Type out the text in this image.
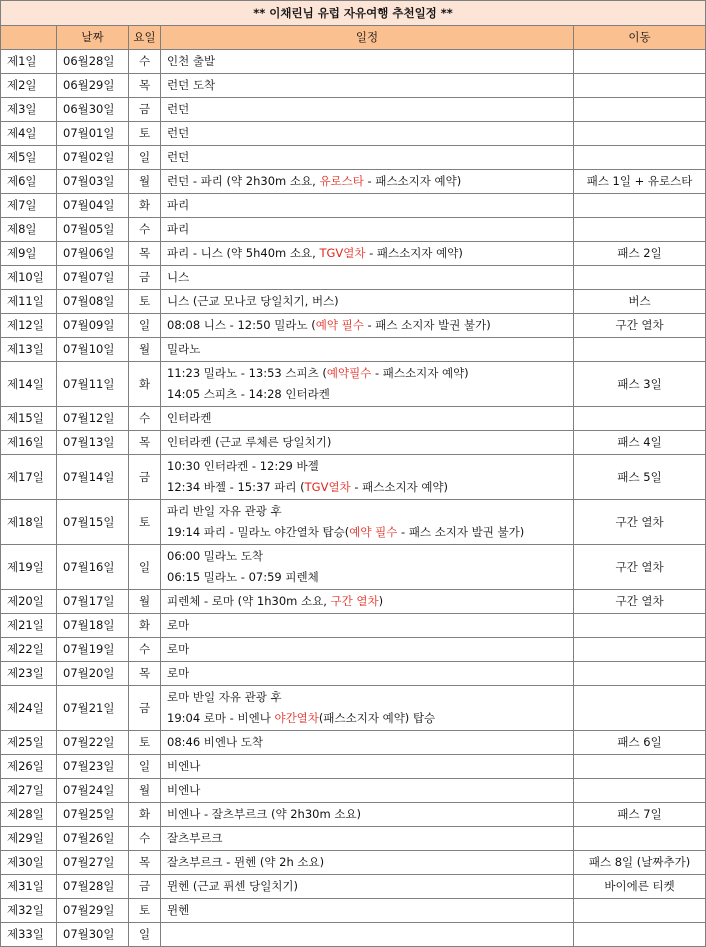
** 이채린님 유럽 자유여행 추천일정 **				
	날짜	요일	일정	이동
제1일	06월28일	수	인천 출발	

제2일	06월29일	목	런던 도착	

제3일	06월30일	금	런던	

제4일	07월01일	토	런던	

제5일	07월02일	일	런던	

제6일	07월03일	월	런던 - 파리 (약 2h30m 소요, 유로스타 - 패스소지자 예약)	패스 1일 + 유로스타
제7일	07월04일	화	파리	

제8일	07월05일	수	파리	

제9일	07월06일	목	파리 - 니스 (약 5h40m 소요, TGV열차 - 패스소지자 예약)	패스 2일
제10일	07월07일	금	니스	

제11일	07월08일	토	니스 (근교 모나코 당일치기, 버스)	버스
제12일	07월09일	일	08:08 니스 - 12:50 밀라노 (예약 필수 - 패스 소지자 발권 불가)	구간 열차
제13일	07월10일	월	밀라노	

제14일	07월11일	화	11:23 밀라노 - 13:53 스피츠 (예약필수 - 패스소지자 예약)
14:05 스피츠 - 14:28 인터라켄	패스 3일
제15일	07월12일	수	인터라켄	

제16일	07월13일	목	인터라켄 (근교 루체른 당일치기)	패스 4일
제17일	07월14일	금	10:30 인터라켄 - 12:29 바젤
12:34 바젤 - 15:37 파리 (TGV열차 - 패스소지자 예약)	패스 5일
제18일	07월15일	토	파리 반일 자유 관광 후
19:14 파리 - 밀라노 야간열차 탑승(예약 필수 - 패스 소지자 발권 불가)	구간 열차
제19일	07월16일	일	06:00 밀라노 도착
06:15 밀라노 - 07:59 피렌체	구간 열차
제20일	07월17일	월	피렌체 - 로마 (약 1h30m 소요, 구간 열차)	구간 열차
제21일	07월18일	화	로마	

제22일	07월19일	수	로마	

제23일	07월20일	목	로마	

제24일	07월21일	금	로마 반일 자유 관광 후
19:04 로마 - 비엔나 야간열차(패스소지자 예약) 탑승	

제25일	07월22일	토	08:46 비엔나 도착	패스 6일
제26일	07월23일	일	비엔나	

제27일	07월24일	월	비엔나	

제28일	07월25일	화	비엔나 - 잘츠부르크 (약 2h30m 소요)	패스 7일
제29일	07월26일	수	잘츠부르크	

제30일	07월27일	목	잘츠부르크 - 뮌헨 (약 2h 소요)	패스 8일 (날짜추가)
제31일	07월28일	금	뮌헨 (근교 퓌센 당일치기)	바이에른 티켓
제32일	07월29일	토	뮌헨	

제33일	07월30일	일	
